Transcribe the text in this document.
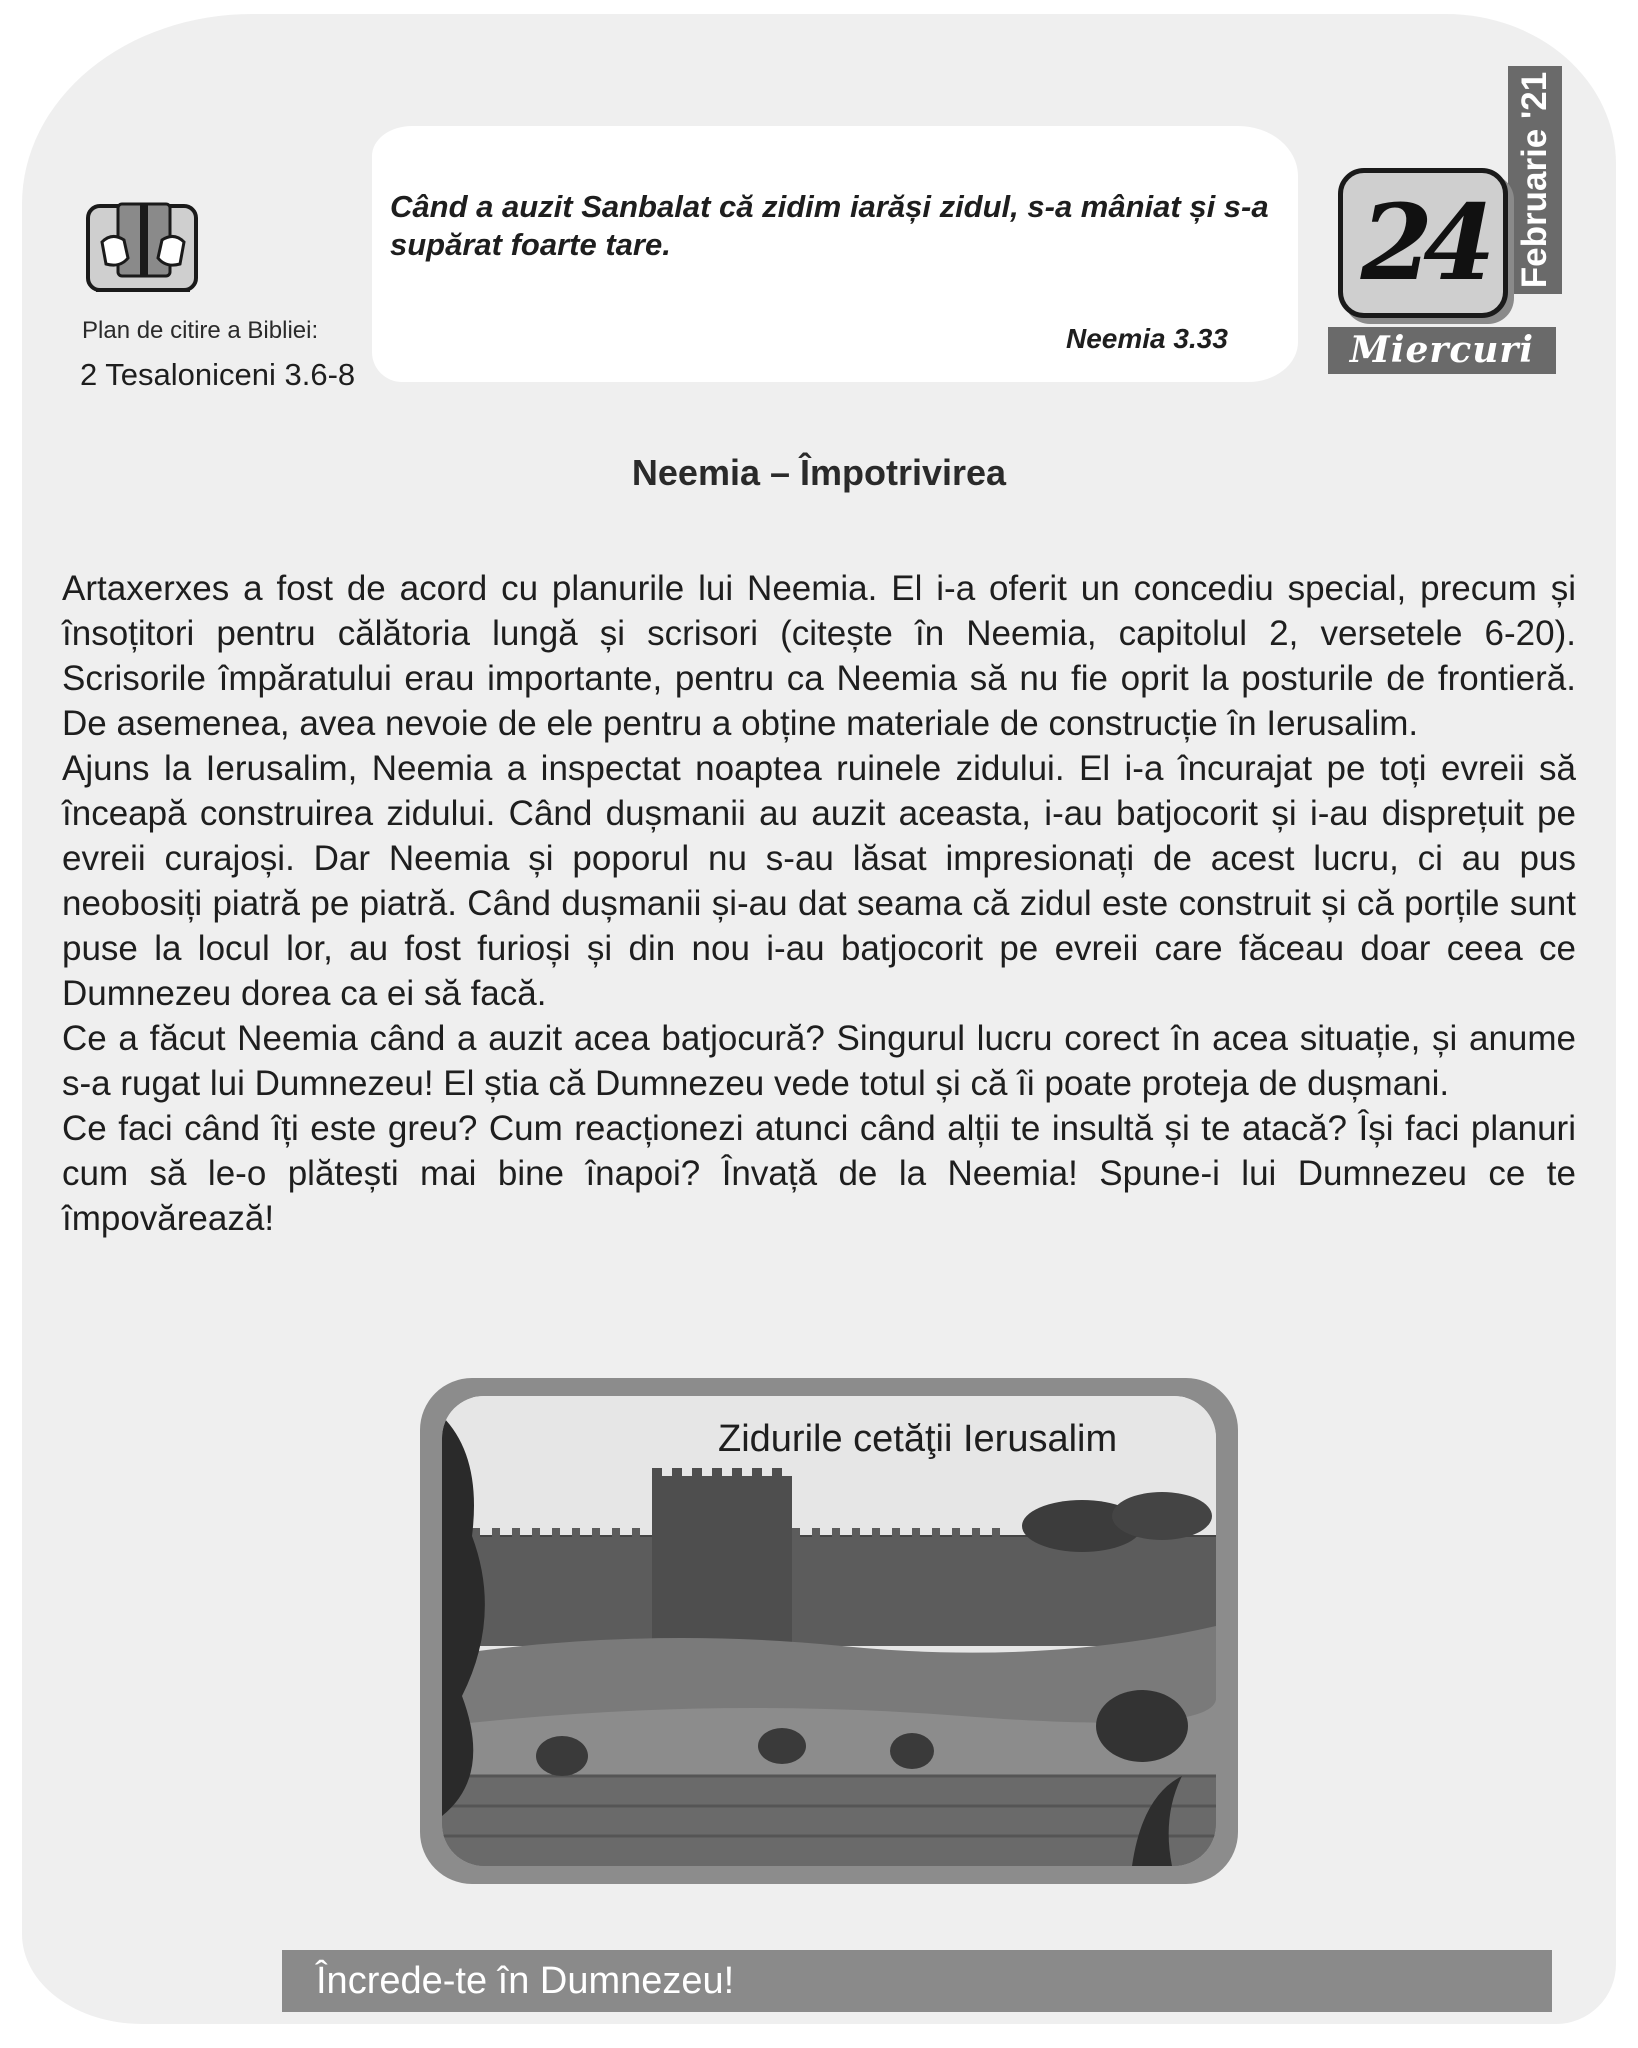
Plan de citire a Bibliei:
2 Tesaloniceni 3.6-8
Când a auzit Sanbalat că zidim iarăși zidul, s-a mâniat și s-a supărat foarte tare.
Neemia 3.33
Februarie '21
24
Miercuri
Neemia – Împotrivirea

Artaxerxes a fost de acord cu planurile lui Neemia. El i-a oferit un concediu special, precum și însoțitori pentru călătoria lungă și scrisori (citește în Neemia, capitolul 2, versetele 6-20). Scrisorile împăratului erau importante, pentru ca Neemia să nu fie oprit la posturile de frontieră. De asemenea, avea nevoie de ele pentru a obține materiale de construcție în Ierusalim.

Ajuns la Ierusalim, Neemia a inspectat noaptea ruinele zidului. El i-a încurajat pe toți evreii să înceapă construirea zidului. Când dușmanii au auzit aceasta, i-au batjocorit și i-au disprețuit pe evreii curajoși. Dar Neemia și poporul nu s-au lăsat impresionați de acest lucru, ci au pus neobosiți piatră pe piatră. Când dușmanii și-au dat seama că zidul este construit și că porțile sunt puse la locul lor, au fost furioși și din nou i-au batjocorit pe evreii care făceau doar ceea ce Dumnezeu dorea ca ei să facă.

Ce a făcut Neemia când a auzit acea batjocură? Singurul lucru corect în acea situație, și anume s-a rugat lui Dumnezeu! El știa că Dumnezeu vede totul și că îi poate proteja de dușmani.

Ce faci când îți este greu? Cum reacționezi atunci când alții te insultă și te atacă? Își faci planuri cum să le-o plătești mai bine înapoi? Învață de la Neemia! Spune-i lui Dumnezeu ce te împovărează!

Zidurile cetăţii Ierusalim
Încrede-te în Dumnezeu!
